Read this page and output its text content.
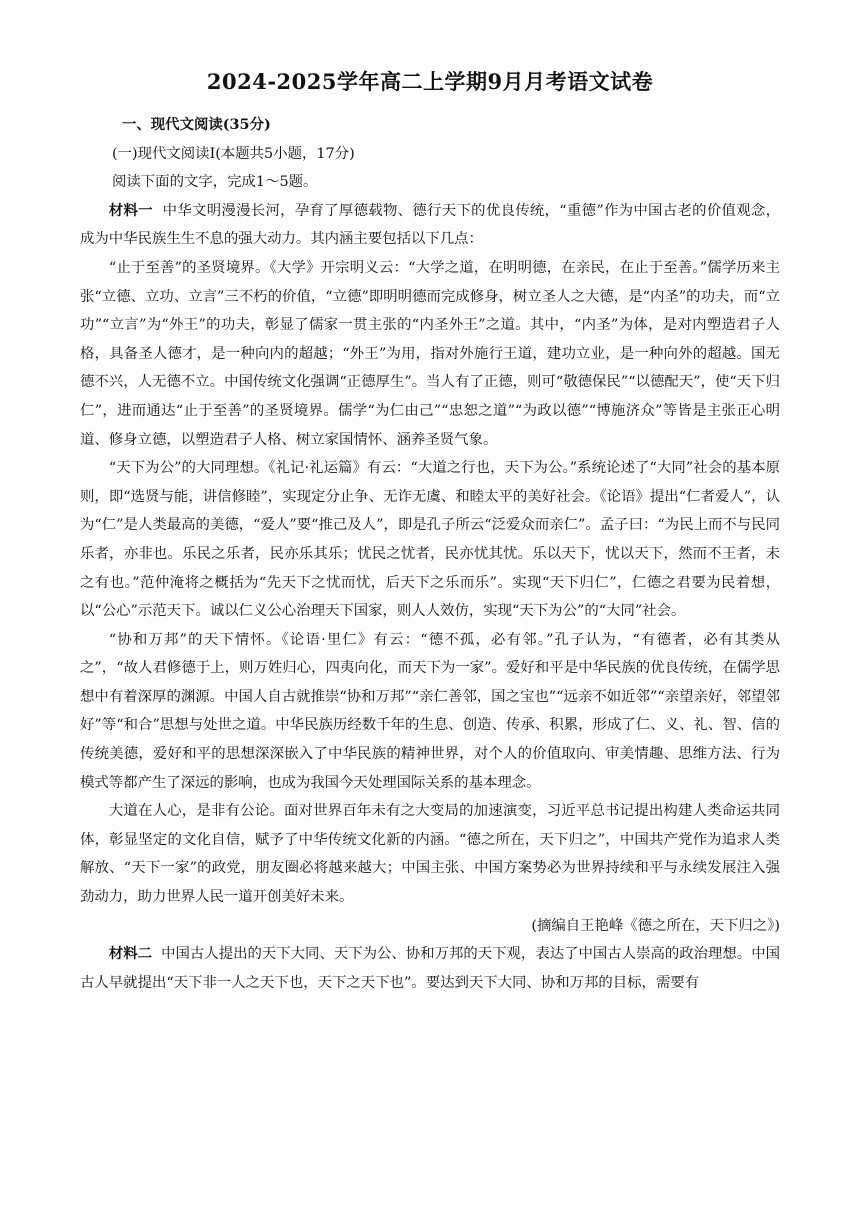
2024-2025学年高二上学期9月月考语文试卷

一、现代文阅读(35分)

(一)现代文阅读Ⅰ(本题共5小题，17分)

阅读下面的文字，完成1～5题。

材料一 中华文明漫漫长河，孕育了厚德载物、德行天下的优良传统，“重德”作为中国古老的价值观念，成为中华民族生生不息的强大动力。其内涵主要包括以下几点：

“止于至善”的圣贤境界。《大学》开宗明义云：“大学之道，在明明德，在亲民，在止于至善。”儒学历来主张“立德、立功、立言”三不朽的价值，“立德”即明明德而完成修身，树立圣人之大德，是“内圣”的功夫，而“立功”“立言”为“外王”的功夫，彰显了儒家一贯主张的“内圣外王”之道。其中，“内圣”为体，是对内塑造君子人格，具备圣人德才，是一种向内的超越；“外王”为用，指对外施行王道，建功立业，是一种向外的超越。国无德不兴，人无德不立。中国传统文化强调“正德厚生”。当人有了正德，则可“敬德保民”“以德配天”，使“天下归仁”，进而通达“止于至善”的圣贤境界。儒学“为仁由己”“忠恕之道”“为政以德”“博施济众”等皆是主张正心明道、修身立德，以塑造君子人格、树立家国情怀、涵养圣贤气象。

“天下为公”的大同理想。《礼记·礼运篇》有云：“大道之行也，天下为公。”系统论述了“大同”社会的基本原则，即“选贤与能，讲信修睦”，实现定分止争、无诈无虞、和睦太平的美好社会。《论语》提出“仁者爱人”，认为“仁”是人类最高的美德，“爱人”要“推己及人”，即是孔子所云“泛爱众而亲仁”。孟子曰：“为民上而不与民同乐者，亦非也。乐民之乐者，民亦乐其乐；忧民之忧者，民亦忧其忧。乐以天下，忧以天下，然而不王者，未之有也。”范仲淹将之概括为“先天下之忧而忧，后天下之乐而乐”。实现“天下归仁”，仁德之君要为民着想，以“公心”示范天下。诚以仁义公心治理天下国家，则人人效仿，实现“天下为公”的“大同”社会。

“协和万邦”的天下情怀。《论语·里仁》有云：“德不孤，必有邻。”孔子认为，“有德者，必有其类从之”，“故人君修德于上，则万姓归心，四夷向化，而天下为一家”。爱好和平是中华民族的优良传统，在儒学思想中有着深厚的渊源。中国人自古就推崇“协和万邦”“亲仁善邻，国之宝也”“远亲不如近邻”“亲望亲好，邻望邻好”等“和合”思想与处世之道。中华民族历经数千年的生息、创造、传承、积累，形成了仁、义、礼、智、信的传统美德，爱好和平的思想深深嵌入了中华民族的精神世界，对个人的价值取向、审美情趣、思维方法、行为模式等都产生了深远的影响，也成为我国今天处理国际关系的基本理念。

大道在人心，是非有公论。面对世界百年未有之大变局的加速演变，习近平总书记提出构建人类命运共同体，彰显坚定的文化自信，赋予了中华传统文化新的内涵。“德之所在，天下归之”，中国共产党作为追求人类解放、“天下一家”的政党，朋友圈必将越来越大；中国主张、中国方案势必为世界持续和平与永续发展注入强劲动力，助力世界人民一道开创美好未来。

(摘编自王艳峰《德之所在，天下归之》)

材料二 中国古人提出的天下大同、天下为公、协和万邦的天下观，表达了中国古人崇高的政治理想。中国古人早就提出“天下非一人之天下也，天下之天下也”。要达到天下大同、协和万邦的目标，需要有
